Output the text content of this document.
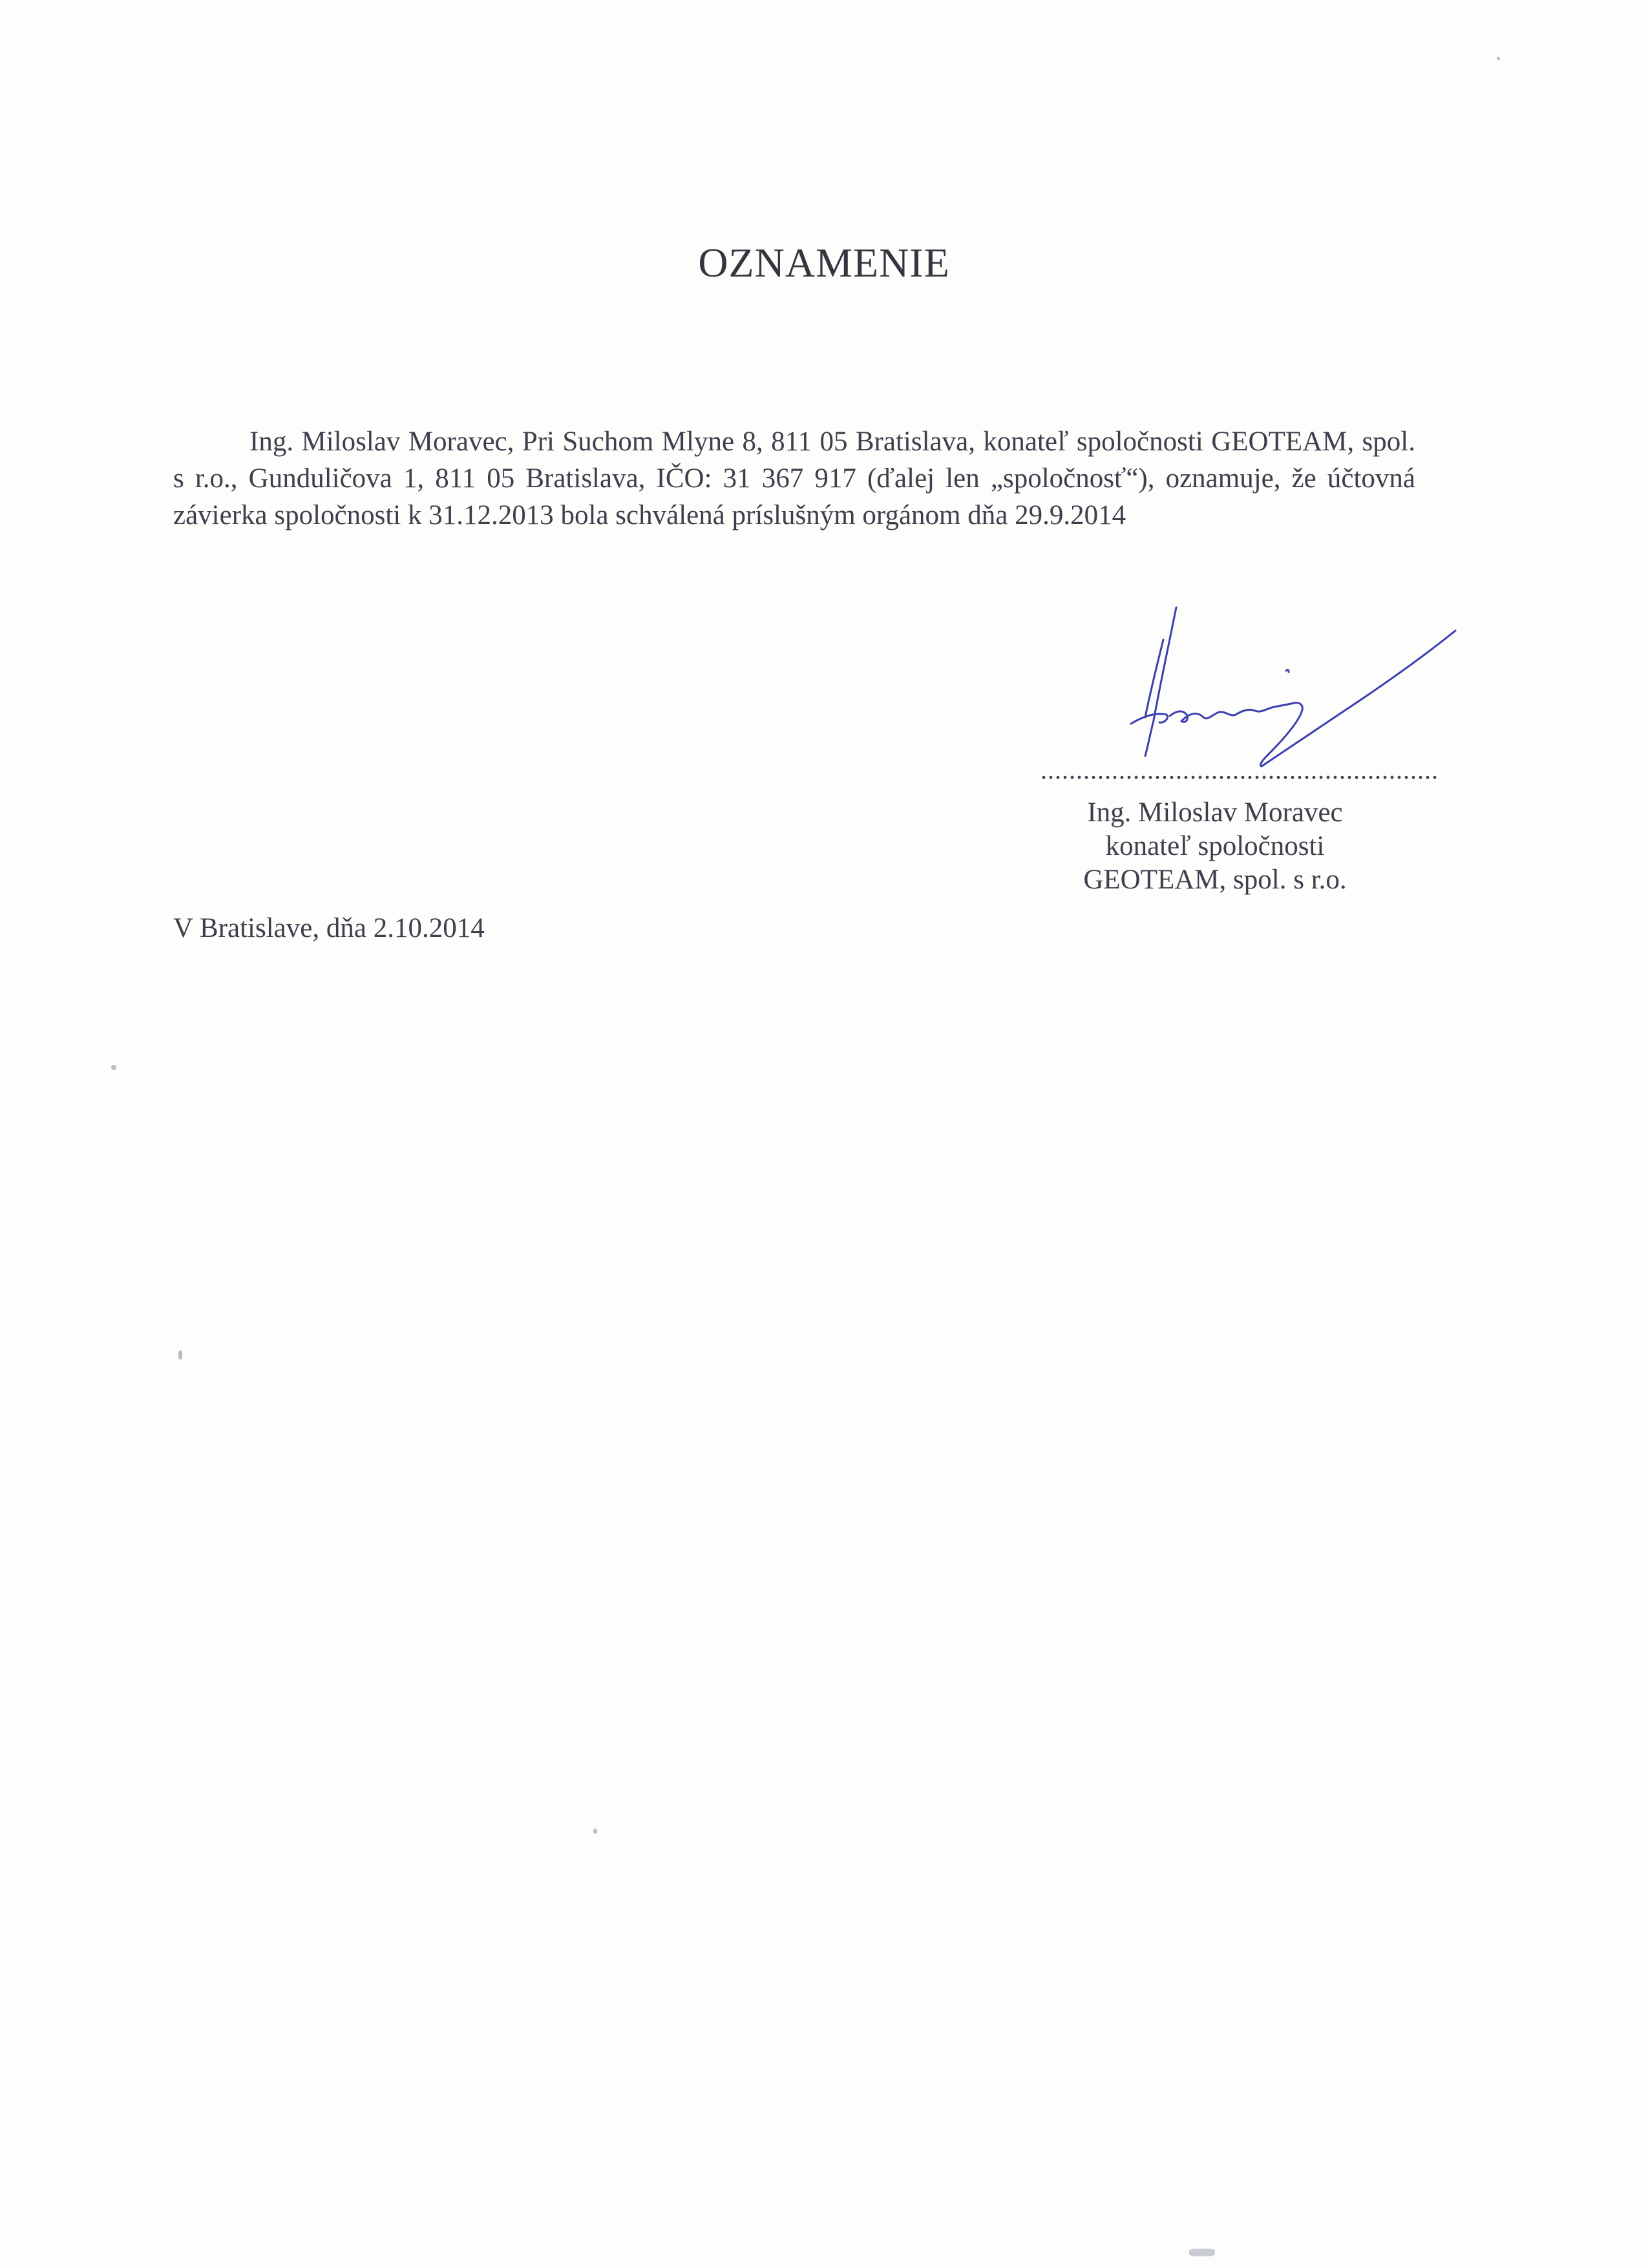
OZNAMENIE
Ing. Miloslav Moravec, Pri Suchom Mlyne 8, 811 05 Bratislava, konateľ spoločnosti GEOTEAM, spol. s r.o., Gunduličova 1, 811 05 Bratislava, IČO: 31 367 917 (ďalej len „spoločnosť“), oznamuje, že účtovná závierka spoločnosti k 31.12.2013 bola schválená príslušným orgánom dňa 29.9.2014
........................................................
Ing. Miloslav Moravec
konateľ spoločnosti
GEOTEAM, spol. s r.o.
V Bratislave, dňa 2.10.2014
